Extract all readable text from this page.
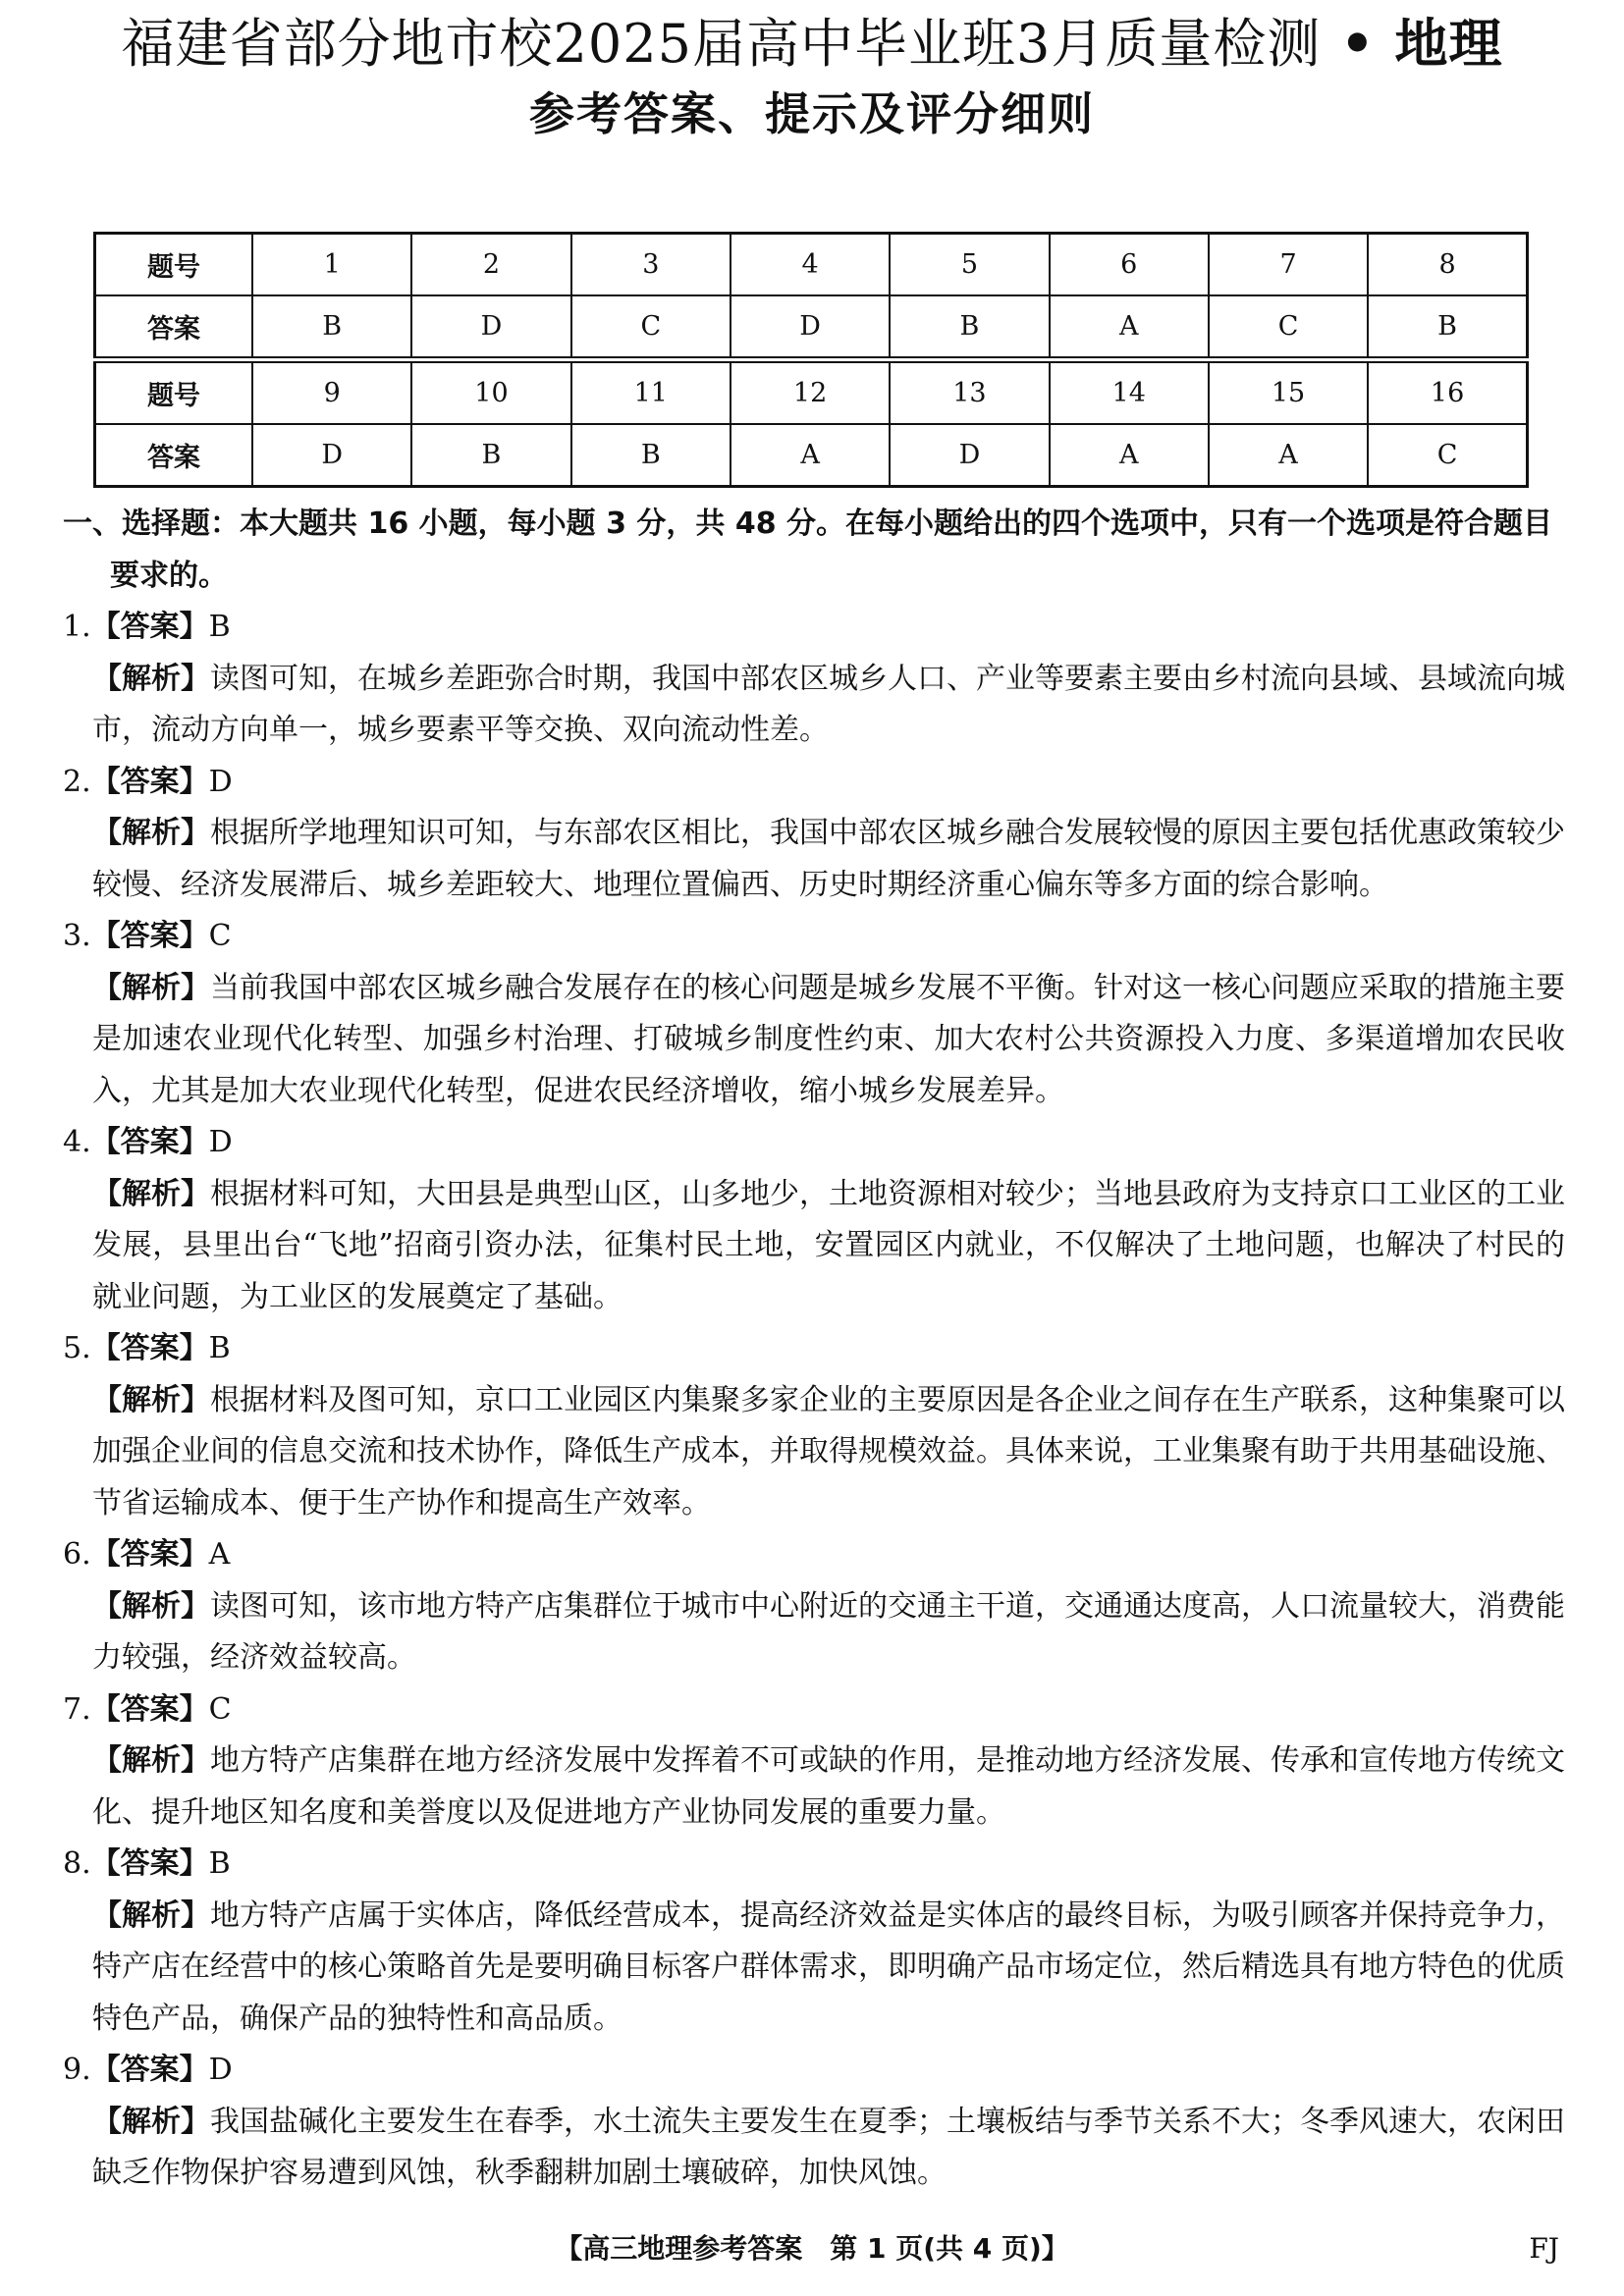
福建省部分地市校2025届高中毕业班3月质量检测 • 地理
参考答案、提示及评分细则
题号	1	2	3	4	5	6	7	8
答案	B	D	C	D	B	A	C	B
题号	9	10	11	12	13	14	15	16
答案	D	B	B	A	D	A	A	C

一、选择题：本大题共 16 小题，每小题 3 分，共 48 分。在每小题给出的四个选项中，只有一个选项是符合题目要求的。

1.【答案】B

【解析】读图可知，在城乡差距弥合时期，我国中部农区城乡人口、产业等要素主要由乡村流向县域、县域流向城市，流动方向单一，城乡要素平等交换、双向流动性差。

2.【答案】D

【解析】根据所学地理知识可知，与东部农区相比，我国中部农区城乡融合发展较慢的原因主要包括优惠政策较少较慢、经济发展滞后、城乡差距较大、地理位置偏西、历史时期经济重心偏东等多方面的综合影响。

3.【答案】C

【解析】当前我国中部农区城乡融合发展存在的核心问题是城乡发展不平衡。针对这一核心问题应采取的措施主要是加速农业现代化转型、加强乡村治理、打破城乡制度性约束、加大农村公共资源投入力度、多渠道增加农民收入，尤其是加大农业现代化转型，促进农民经济增收，缩小城乡发展差异。

4.【答案】D

【解析】根据材料可知，大田县是典型山区，山多地少，土地资源相对较少；当地县政府为支持京口工业区的工业发展，县里出台“飞地”招商引资办法，征集村民土地，安置园区内就业，不仅解决了土地问题，也解决了村民的就业问题，为工业区的发展奠定了基础。

5.【答案】B

【解析】根据材料及图可知，京口工业园区内集聚多家企业的主要原因是各企业之间存在生产联系，这种集聚可以加强企业间的信息交流和技术协作，降低生产成本，并取得规模效益。具体来说，工业集聚有助于共用基础设施、节省运输成本、便于生产协作和提高生产效率。

6.【答案】A

【解析】读图可知，该市地方特产店集群位于城市中心附近的交通主干道，交通通达度高，人口流量较大，消费能力较强，经济效益较高。

7.【答案】C

【解析】地方特产店集群在地方经济发展中发挥着不可或缺的作用，是推动地方经济发展、传承和宣传地方传统文化、提升地区知名度和美誉度以及促进地方产业协同发展的重要力量。

8.【答案】B

【解析】地方特产店属于实体店，降低经营成本，提高经济效益是实体店的最终目标，为吸引顾客并保持竞争力，特产店在经营中的核心策略首先是要明确目标客户群体需求，即明确产品市场定位，然后精选具有地方特色的优质特色产品，确保产品的独特性和高品质。

9.【答案】D

【解析】我国盐碱化主要发生在春季，水土流失主要发生在夏季；土壤板结与季节关系不大；冬季风速大，农闲田缺乏作物保护容易遭到风蚀，秋季翻耕加剧土壤破碎，加快风蚀。

【高三地理参考答案　第 1 页(共 4 页)】	FJ
